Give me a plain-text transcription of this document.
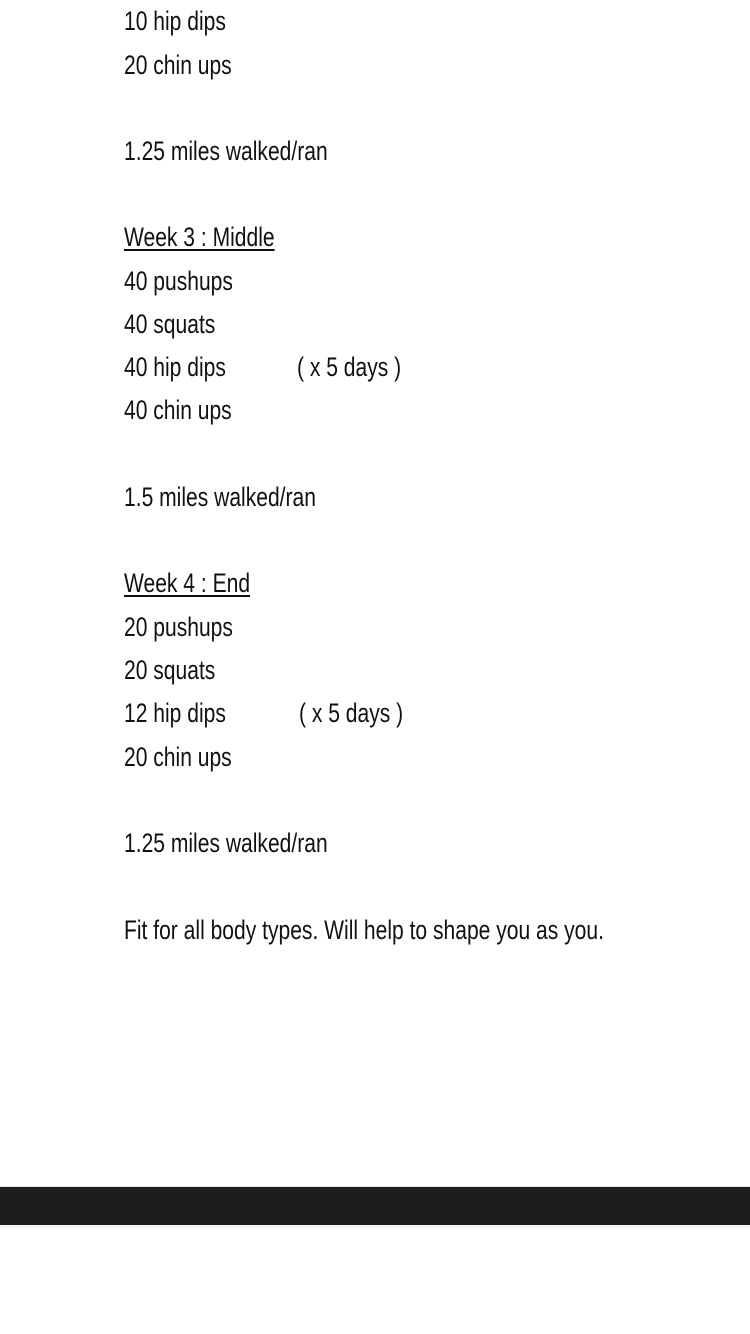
10 hip dips
20 chin ups
1.25 miles walked/ran
Week 3 : Middle
40 pushups
40 squats
40 hip dips	( x 5 days )
40 chin ups
1.5 miles walked/ran
Week 4 : End
20 pushups
20 squats
12 hip dips	( x 5 days )
20 chin ups
1.25 miles walked/ran
Fit for all body types. Will help to shape you as you.
